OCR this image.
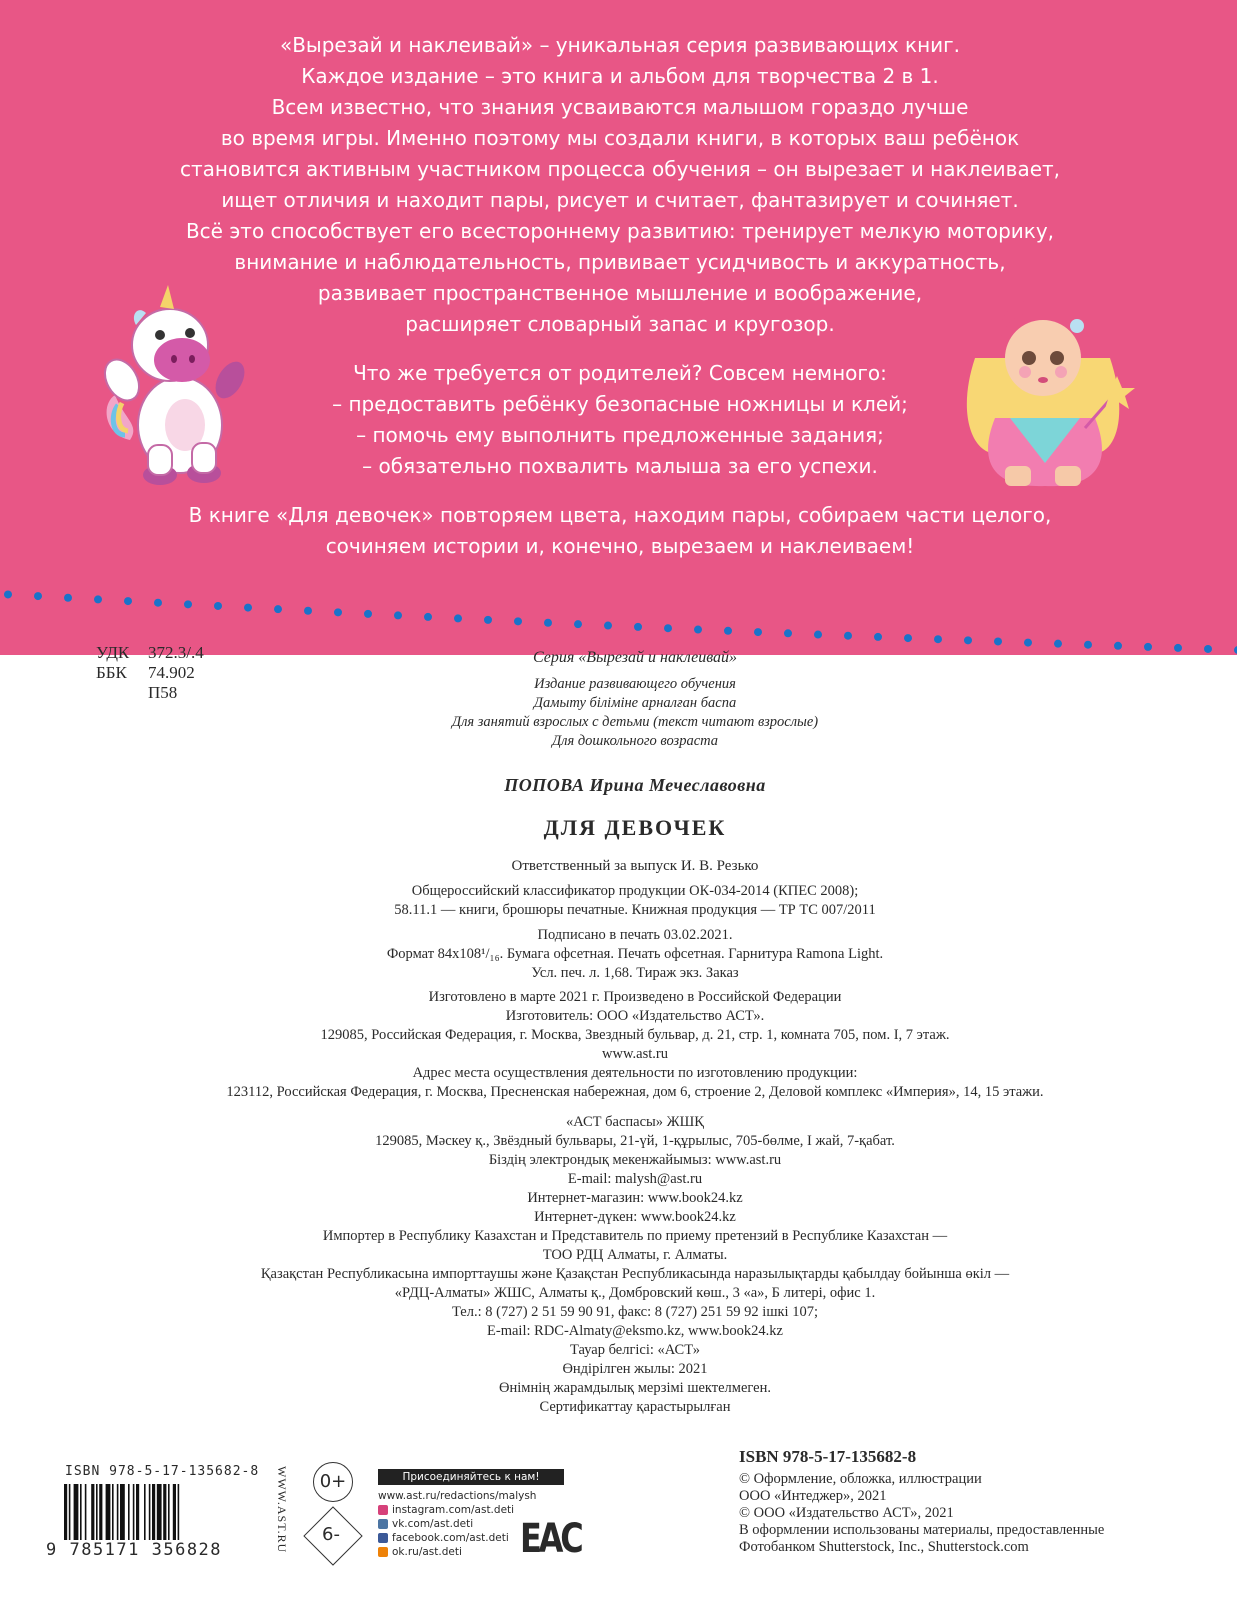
«Вырезай и наклеивай» – уникальная серия развивающих книг.
Каждое издание – это книга и альбом для творчества 2 в 1.
Всем известно, что знания усваиваются малышом гораздо лучше
во время игры. Именно поэтому мы создали книги, в которых ваш ребёнок
становится активным участником процесса обучения – он вырезает и наклеивает,
ищет отличия и находит пары, рисует и считает, фантазирует и сочиняет.
Всё это способствует его всестороннему развитию: тренирует мелкую моторику,
внимание и наблюдательность, прививает усидчивость и аккуратность,
развивает пространственное мышление и воображение,
расширяет словарный запас и кругозор.
Что же требуется от родителей? Совсем немного:
– предоставить ребёнку безопасные ножницы и клей;
– помочь ему выполнить предложенные задания;
– обязательно похвалить малыша за его успехи.
В книге «Для девочек» повторяем цвета, находим пары, собираем части целого,
сочиняем истории и, конечно, вырезаем и наклеиваем!
УДК 372.3/.4
ББК 74.902
П58
Серия «Вырезай и наклеивай»
Издание развивающего обучения
Дамыту біліміне арналған баспа
Для занятий взрослых с детьми (текст читают взрослые)
Для дошкольного возраста
ПОПОВА Ирина Мечеславовна
ДЛЯ ДЕВОЧЕК
Ответственный за выпуск И. В. Резько
Общероссийский классификатор продукции ОК-034-2014 (КПЕС 2008);
58.11.1 — книги, брошюры печатные. Книжная продукция — ТР ТС 007/2011
Подписано в печать 03.02.2021.
Формат 84x108¹/₁₆. Бумага офсетная. Печать офсетная. Гарнитура Ramona Light.
Усл. печ. л. 1,68. Тираж экз. Заказ
Изготовлено в марте 2021 г. Произведено в Российской Федерации
Изготовитель: ООО «Издательство АСТ».
129085, Российская Федерация, г. Москва, Звездный бульвар, д. 21, стр. 1, комната 705, пом. I, 7 этаж.
www.ast.ru
Адрес места осуществления деятельности по изготовлению продукции:
123112, Российская Федерация, г. Москва, Пресненская набережная, дом 6, строение 2, Деловой комплекс «Империя», 14, 15 этажи.
«АСТ баспасы» ЖШҚ
129085, Мәскеу қ., Звёздный бульвары, 21-үй, 1-құрылыс, 705-бөлме, I жай, 7-қабат.
Біздің электрондық мекенжайымыз: www.ast.ru
E-mail: malysh@ast.ru
Интернет-магазин: www.book24.kz
Интернет-дүкен: www.book24.kz
Импортер в Республику Казахстан и Представитель по приему претензий в Республике Казахстан —
ТОО РДЦ Алматы, г. Алматы.
Қазақстан Республикасына импорттаушы және Қазақстан Республикасында наразылықтарды қабылдау бойынша өкіл —
«РДЦ-Алматы» ЖШС, Алматы қ., Домбровский көш., 3 «а», Б литері, офис 1.
Тел.: 8 (727) 2 51 59 90 91, факс: 8 (727) 251 59 92 ішкі 107;
E-mail: RDC-Almaty@eksmo.kz, www.book24.kz
Тауар белгісі: «АСТ»
Өндірілген жылы: 2021
Өнімнің жарамдылық мерзімі шектелмеген.
Сертификаттау қарастырылған
ISBN 978-5-17-135682-8
9 785171 356828	WWW.AST.RU	0+
6-
Присоединяйтесь к нам!
www.ast.ru/redactions/malysh
instagram.com/ast.deti
vk.com/ast.deti
facebook.com/ast.deti
ok.ru/ast.deti EAC
ISBN 978-5-17-135682-8
© Оформление, обложка, иллюстрации
ООО «Интеджер», 2021
© ООО «Издательство АСТ», 2021
В оформлении использованы материалы, предоставленные
Фотобанком Shutterstock, Inc., Shutterstock.com
